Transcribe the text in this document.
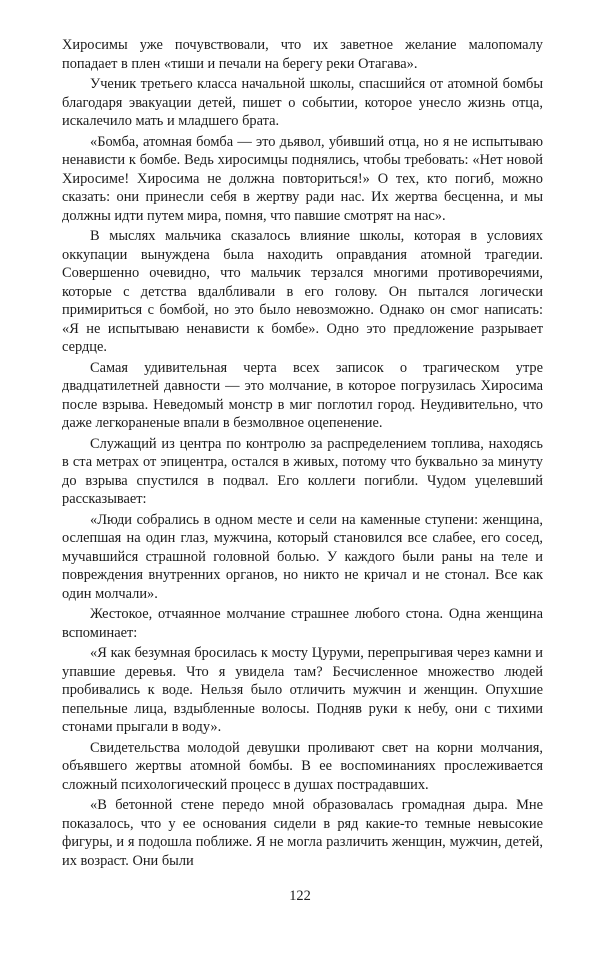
Хиросимы уже почувствовали, что их заветное желание малопомалу попадает в плен «тиши и печали на берегу реки Отагава».

Ученик третьего класса начальной школы, спасшийся от атомной бомбы благодаря эвакуации детей, пишет о событии, которое унесло жизнь отца, искалечило мать и младшего брата.

«Бомба, атомная бомба — это дьявол, убивший отца, но я не испытываю ненависти к бомбе. Ведь хиросимцы поднялись, чтобы требовать: «Нет новой Хиросиме! Хиросима не должна повториться!» О тех, кто погиб, можно сказать: они принесли себя в жертву ради нас. Их жертва бесценна, и мы должны идти путем мира, помня, что павшие смотрят на нас».

В мыслях мальчика сказалось влияние школы, которая в условиях оккупации вынуждена была находить оправдания атомной трагедии. Совершенно очевидно, что мальчик терзался многими противоречиями, которые с детства вдалбливали в его голову. Он пытался логически примириться с бомбой, но это было невозможно. Однако он смог написать: «Я не испытываю ненависти к бомбе». Одно это предложение разрывает сердце.

Самая удивительная черта всех записок о трагическом утре двадцатилетней давности — это молчание, в которое погрузилась Хиросима после взрыва. Неведомый монстр в миг поглотил город. Неудивительно, что даже легкораненые впали в безмолвное оцепенение.

Служащий из центра по контролю за распределением топлива, находясь в ста метрах от эпицентра, остался в живых, потому что буквально за минуту до взрыва спустился в подвал. Его коллеги погибли. Чудом уцелевший рассказывает:

«Люди собрались в одном месте и сели на каменные ступени: женщина, ослепшая на один глаз, мужчина, который становился все слабее, его сосед, мучавшийся страшной головной болью. У каждого были раны на теле и повреждения внутренних органов, но никто не кричал и не стонал. Все как один молчали».

Жестокое, отчаянное молчание страшнее любого стона. Одна женщина вспоминает:

«Я как безумная бросилась к мосту Цуруми, перепрыгивая через камни и упавшие деревья. Что я увидела там? Бесчисленное множество людей пробивались к воде. Нельзя было отличить мужчин и женщин. Опухшие пепельные лица, вздыбленные волосы. Подняв руки к небу, они с тихими стонами прыгали в воду».

Свидетельства молодой девушки проливают свет на корни молчания, объявшего жертвы атомной бомбы. В ее воспоминаниях прослеживается сложный психологический процесс в душах пострадавших.

«В бетонной стене передо мной образовалась громадная дыра. Мне показалось, что у ее основания сидели в ряд какие-то темные невысокие фигуры, и я подошла поближе. Я не могла различить женщин, мужчин, детей, их возраст. Они были

122
